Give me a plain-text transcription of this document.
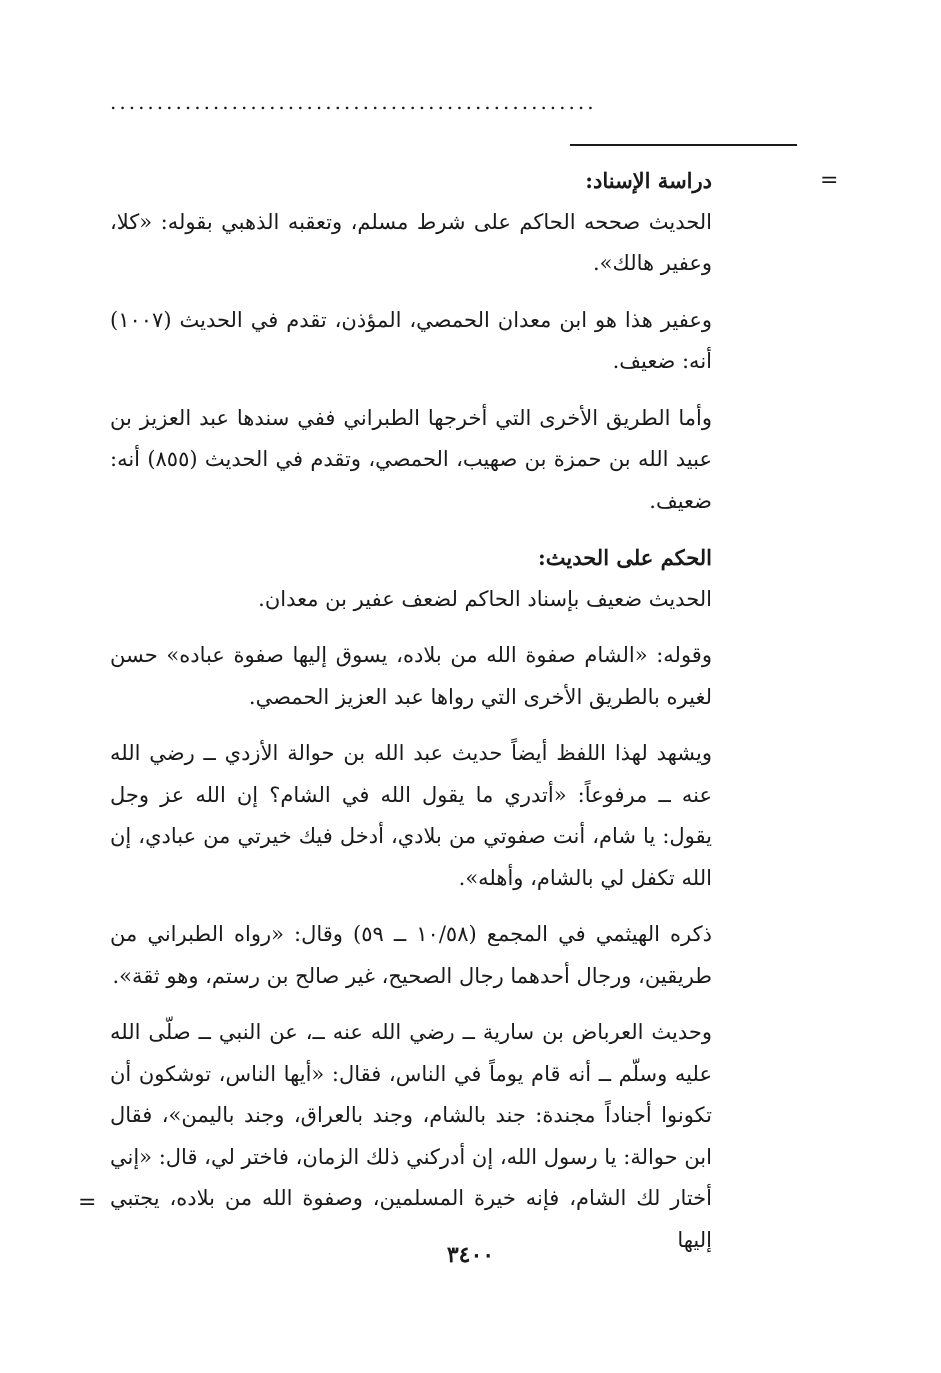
....................................................
=

دراسة الإسناد:

الحديث صححه الحاكم على شرط مسلم، وتعقبه الذهبي بقوله: «كلا، وعفير هالك».

وعفير هذا هو ابن معدان الحمصي، المؤذن، تقدم في الحديث (١٠٠٧) أنه: ضعيف.

وأما الطريق الأخرى التي أخرجها الطبراني ففي سندها عبد العزيز بن عبيد الله بن حمزة بن صهيب، الحمصي، وتقدم في الحديث (٨٥٥) أنه: ضعيف.

الحكم على الحديث:

الحديث ضعيف بإسناد الحاكم لضعف عفير بن معدان.

وقوله: «الشام صفوة الله من بلاده، يسوق إليها صفوة عباده» حسن لغيره بالطريق الأخرى التي رواها عبد العزيز الحمصي.

ويشهد لهذا اللفظ أيضاً حديث عبد الله بن حوالة الأزدي ــ رضي الله عنه ــ مرفوعاً: «أتدري ما يقول الله في الشام؟ إن الله عز وجل يقول: يا شام، أنت صفوتي من بلادي، أدخل فيك خيرتي من عبادي، إن الله تكفل لي بالشام، وأهله».

ذكره الهيثمي في المجمع (١٠/٥٨ ــ ٥٩) وقال: «رواه الطبراني من طريقين، ورجال أحدهما رجال الصحيح، غير صالح بن رستم، وهو ثقة».

وحديث العرباض بن سارية ــ رضي الله عنه ــ، عن النبي ــ صلّى الله عليه وسلّم ــ أنه قام يوماً في الناس، فقال: «أيها الناس، توشكون أن تكونوا أجناداً مجندة: جند بالشام، وجند بالعراق، وجند باليمن»، فقال ابن حوالة: يا رسول الله، إن أدركني ذلك الزمان، فاختر لي، قال: «إني أختار لك الشام، فإنه خيرة المسلمين، وصفوة الله من بلاده، يجتبي إليها

=
٣٤٠٠
